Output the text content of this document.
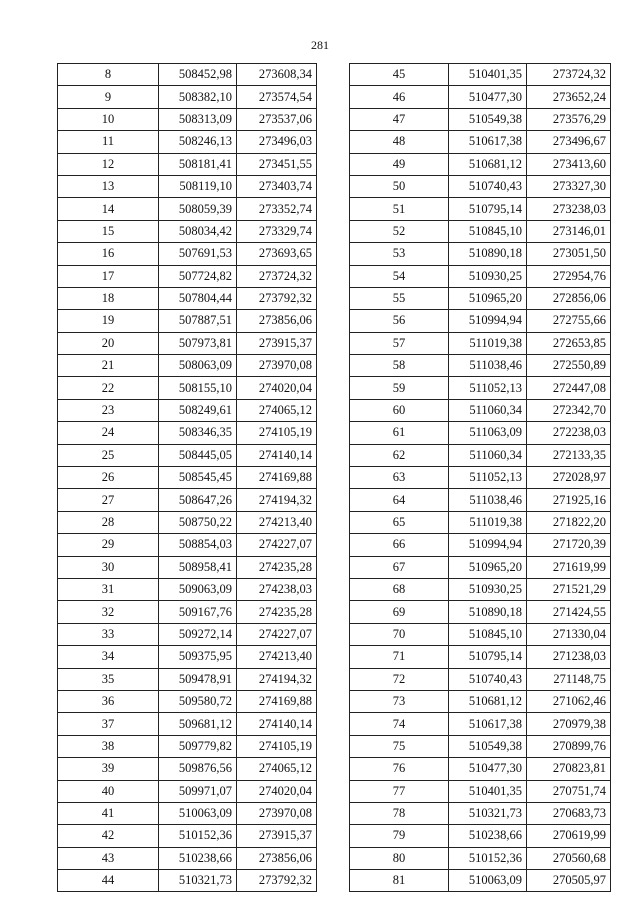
281
8	508452,98	273608,34
9	508382,10	273574,54
10	508313,09	273537,06
11	508246,13	273496,03
12	508181,41	273451,55
13	508119,10	273403,74
14	508059,39	273352,74
15	508034,42	273329,74
16	507691,53	273693,65
17	507724,82	273724,32
18	507804,44	273792,32
19	507887,51	273856,06
20	507973,81	273915,37
21	508063,09	273970,08
22	508155,10	274020,04
23	508249,61	274065,12
24	508346,35	274105,19
25	508445,05	274140,14
26	508545,45	274169,88
27	508647,26	274194,32
28	508750,22	274213,40
29	508854,03	274227,07
30	508958,41	274235,28
31	509063,09	274238,03
32	509167,76	274235,28
33	509272,14	274227,07
34	509375,95	274213,40
35	509478,91	274194,32
36	509580,72	274169,88
37	509681,12	274140,14
38	509779,82	274105,19
39	509876,56	274065,12
40	509971,07	274020,04
41	510063,09	273970,08
42	510152,36	273915,37
43	510238,66	273856,06
44	510321,73	273792,32
45	510401,35	273724,32
46	510477,30	273652,24
47	510549,38	273576,29
48	510617,38	273496,67
49	510681,12	273413,60
50	510740,43	273327,30
51	510795,14	273238,03
52	510845,10	273146,01
53	510890,18	273051,50
54	510930,25	272954,76
55	510965,20	272856,06
56	510994,94	272755,66
57	511019,38	272653,85
58	511038,46	272550,89
59	511052,13	272447,08
60	511060,34	272342,70
61	511063,09	272238,03
62	511060,34	272133,35
63	511052,13	272028,97
64	511038,46	271925,16
65	511019,38	271822,20
66	510994,94	271720,39
67	510965,20	271619,99
68	510930,25	271521,29
69	510890,18	271424,55
70	510845,10	271330,04
71	510795,14	271238,03
72	510740,43	271148,75
73	510681,12	271062,46
74	510617,38	270979,38
75	510549,38	270899,76
76	510477,30	270823,81
77	510401,35	270751,74
78	510321,73	270683,73
79	510238,66	270619,99
80	510152,36	270560,68
81	510063,09	270505,97
